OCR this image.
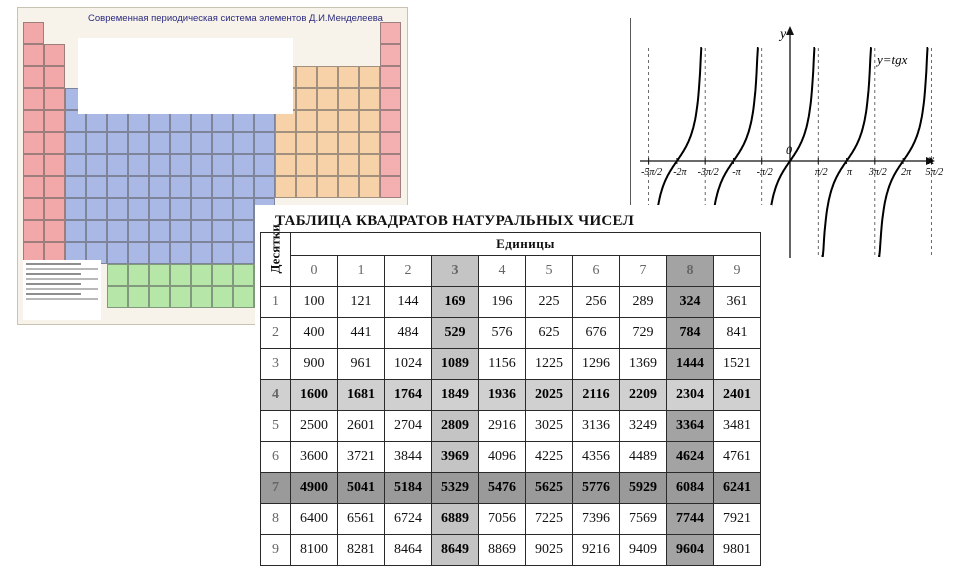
Современная периодическая система элементов Д.И.Менделеева
-5π/2 -2π -3π/2 -π -π/2	π/2 π 3π/2 2π 5π/2
y
x
y=tgx
0
ТАБЛИЦА КВАДРАТОВ НАТУРАЛЬНЫХ ЧИСЕЛ
Десятки	Единицы									
	0	1	2	3	4	5	6	7	8	9
1	100	121	144	169	196	225	256	289	324	361
2	400	441	484	529	576	625	676	729	784	841
3	900	961	1024	1089	1156	1225	1296	1369	1444	1521
4	1600	1681	1764	1849	1936	2025	2116	2209	2304	2401
5	2500	2601	2704	2809	2916	3025	3136	3249	3364	3481
6	3600	3721	3844	3969	4096	4225	4356	4489	4624	4761
7	4900	5041	5184	5329	5476	5625	5776	5929	6084	6241
8	6400	6561	6724	6889	7056	7225	7396	7569	7744	7921
9	8100	8281	8464	8649	8869	9025	9216	9409	9604	9801
